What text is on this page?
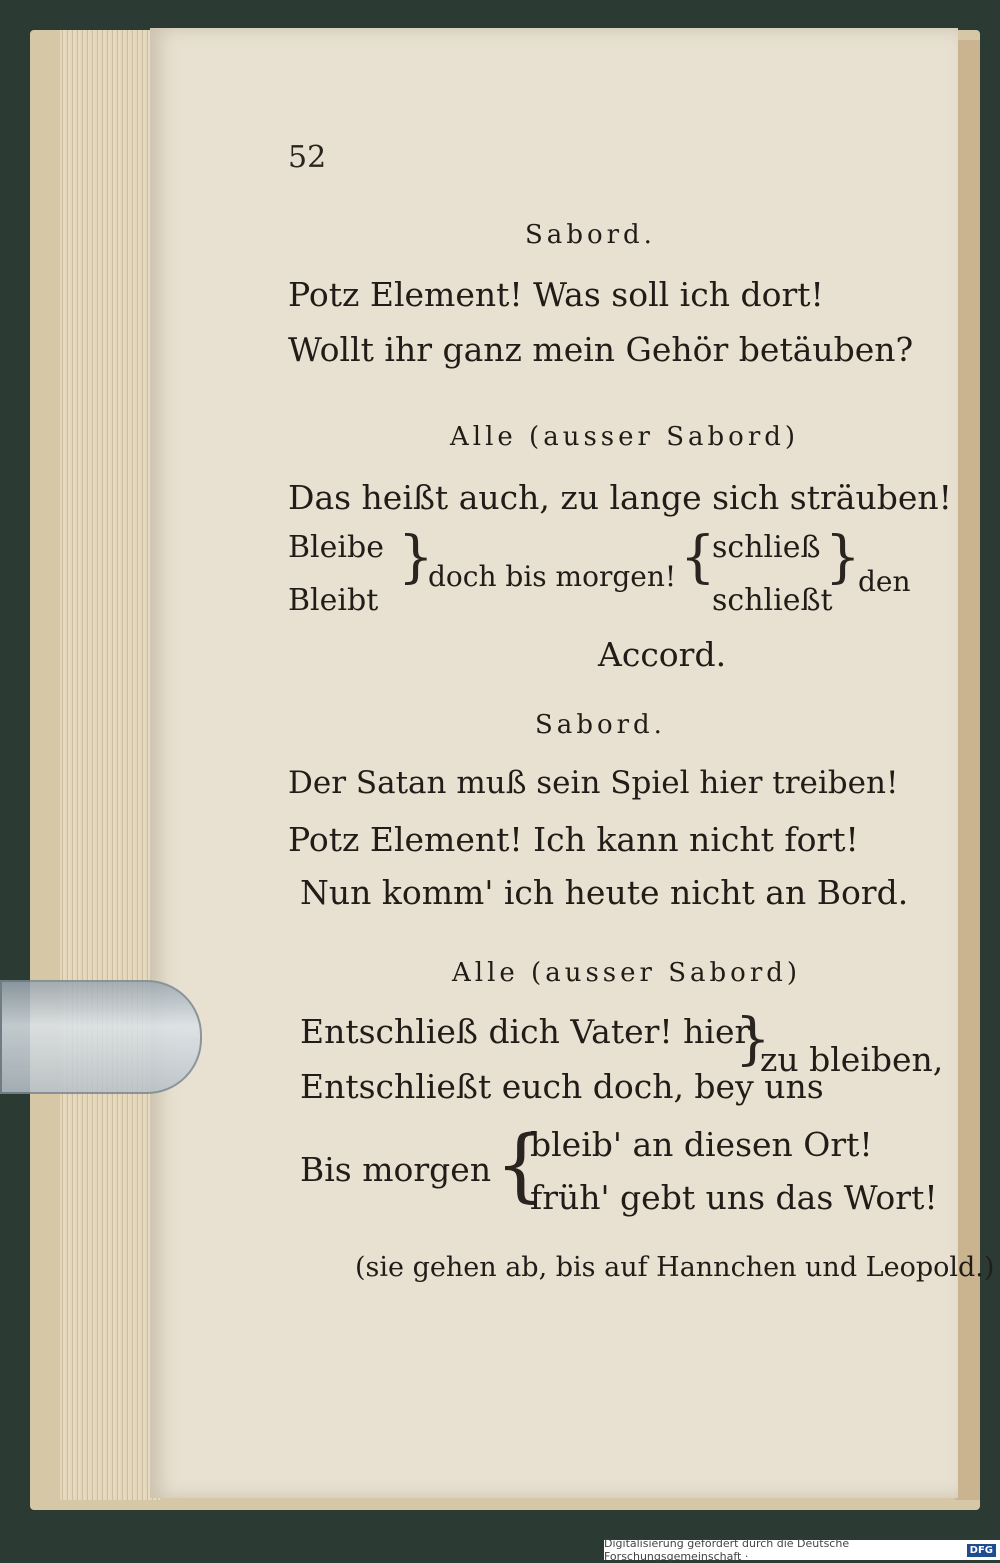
52
Sabord.
Potz Element! Was soll ich dort!
Wollt ihr ganz mein Gehör betäuben?
Alle (ausser Sabord)
Das heißt auch, zu lange sich sträuben!
Bleibe
Bleibt
}
doch bis morgen! {
schließ
schließt
}
den
Accord.
Sabord.
Der Satan muß sein Spiel hier treiben!
Potz Element! Ich kann nicht fort!
Nun komm' ich heute nicht an Bord.
Alle (ausser Sabord)
Entschließ dich Vater! hier
Entschließt euch doch, bey uns
}
zu bleiben,
Bis morgen {
bleib' an diesen Ort!
früh' gebt uns das Wort!
(sie gehen ab, bis auf Hannchen und Leopold.)
Digitalisierung gefördert durch die Deutsche Forschungsgemeinschaft ·	DFG
